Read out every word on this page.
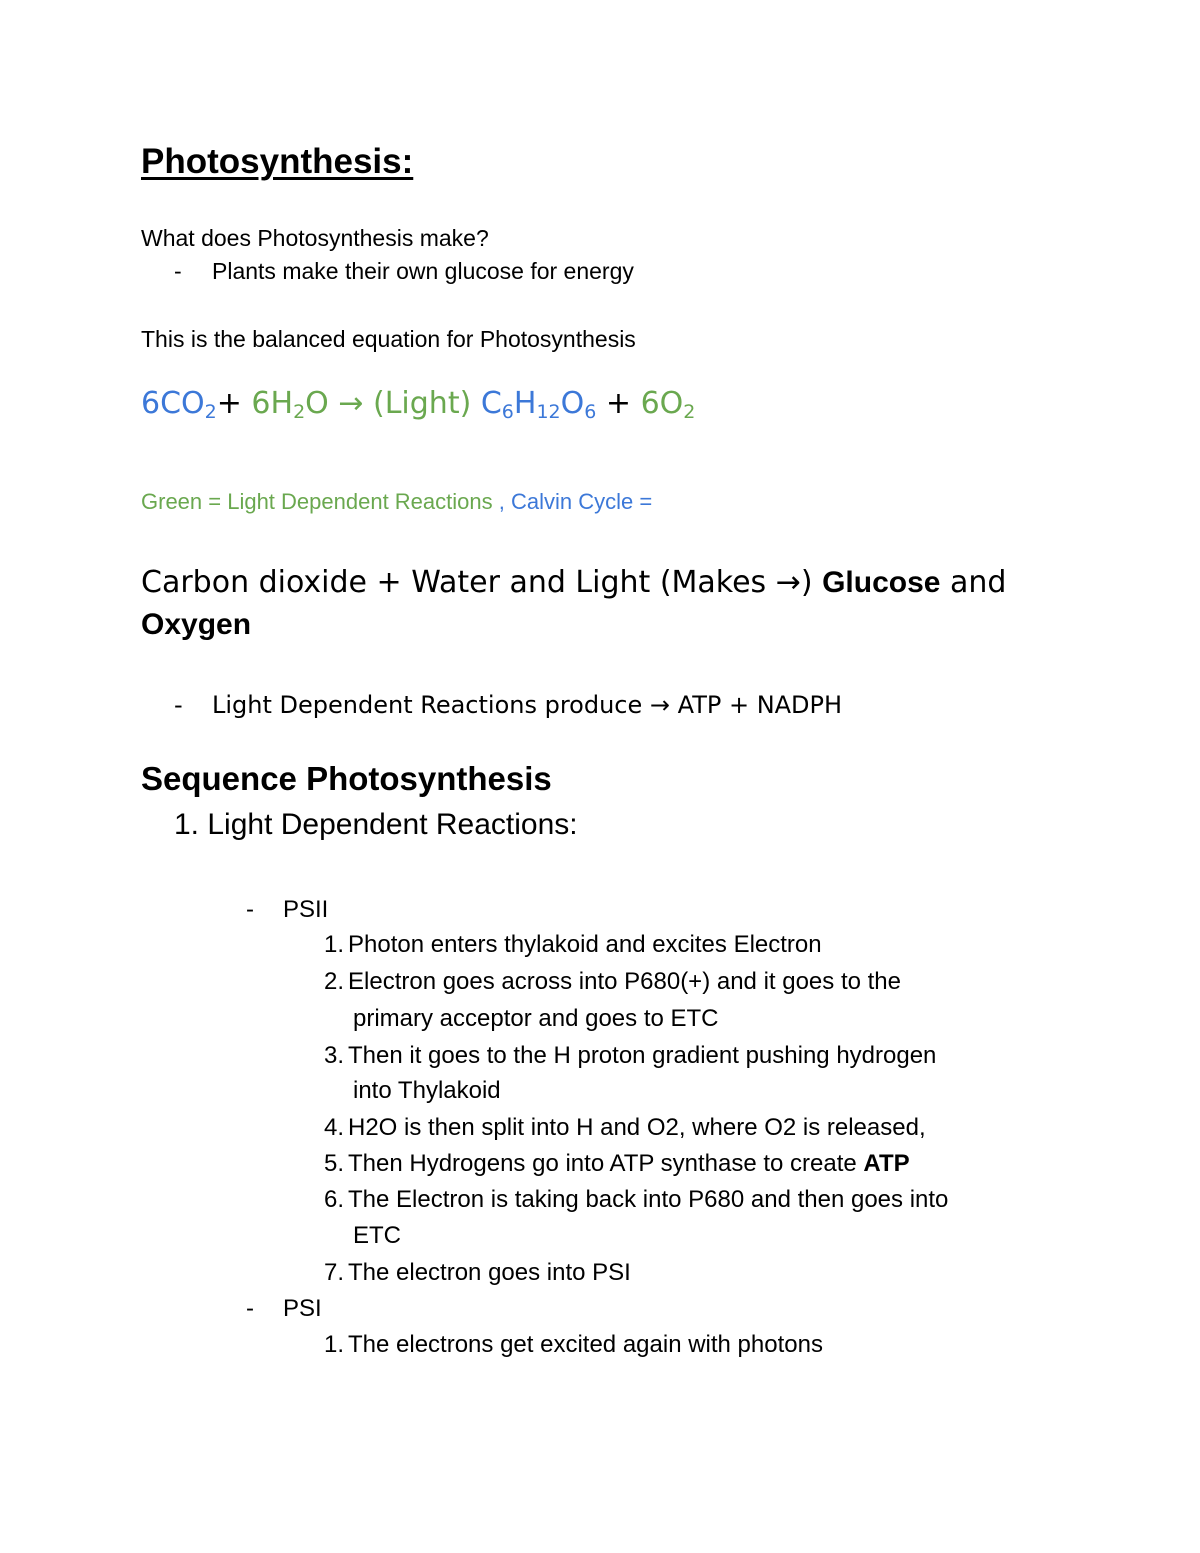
Photosynthesis:
What does Photosynthesis make?
- Plants make their own glucose for energy
This is the balanced equation for Photosynthesis
$6CO_2+ 6H_2O$ → (Light) $C_6H_{12}O_6 + 6O_2$
Green = Light Dependent Reactions , Calvin Cycle =
Carbon dioxide + Water and Light (Makes →) Glucose and Oxygen
- Light Dependent Reactions produce → ATP + NADPH
Sequence Photosynthesis
1. Light Dependent Reactions:
- PSII
1. Photon enters thylakoid and excites Electron
2. Electron goes across into P680(+) and it goes to the
primary acceptor and goes to ETC
3. Then it goes to the H proton gradient pushing hydrogen
into Thylakoid
4. H2O is then split into H and O2, where O2 is released,
5. Then Hydrogens go into ATP synthase to create ATP
6. The Electron is taking back into P680 and then goes into
ETC
7. The electron goes into PSI
- PSI
1. The electrons get excited again with photons
